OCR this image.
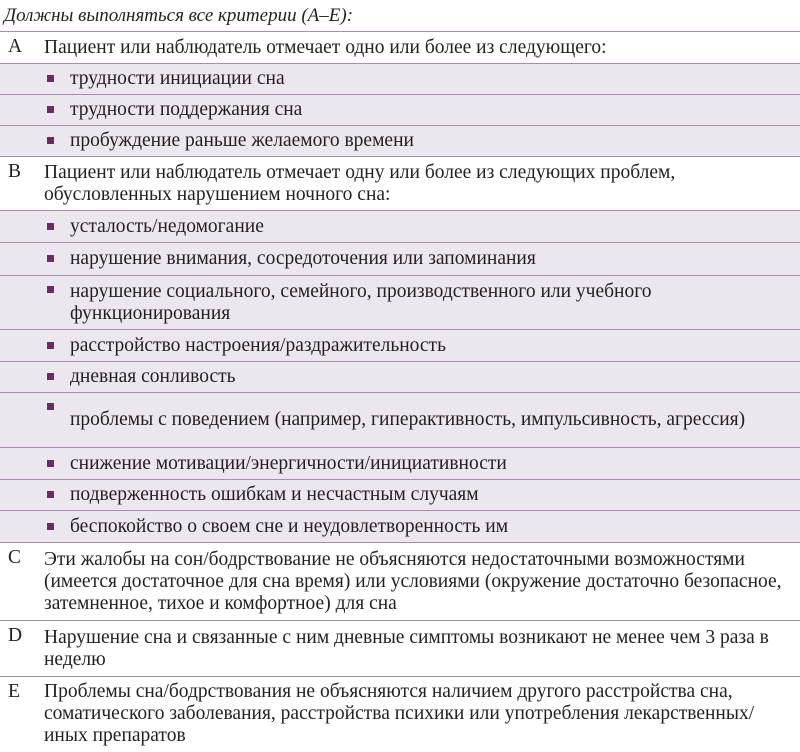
Должны выполняться все критерии (A–E):
A Пациент или наблюдатель отмечает одно или более из следующего:
трудности инициации сна
трудности поддержания сна
пробуждение раньше желаемого времени
B Пациент или наблюдатель отмечает одну или более из следующих проблем, обусловленных нарушением ночного сна:
усталость/недомогание
нарушение внимания, сосредоточения или запоминания
нарушение социального, семейного, производственного или учебного функционирования
расстройство настроения/раздражительность
дневная сонливость
проблемы с поведением (например, гиперактивность, импульсивность, агрессия)
снижение мотивации/энергичности/инициативности
подверженность ошибкам и несчастным случаям
беспокойство о своем сне и неудовлетворенность им
C Эти жалобы на сон/бодрствование не объясняются недостаточными возможностями (имеется достаточное для сна время) или условиями (окружение достаточно безопасное, затемненное, тихое и комфортное) для сна
D Нарушение сна и связанные с ним дневные симптомы возникают не менее чем 3 раза в неделю
E Проблемы сна/бодрствования не объясняются наличием другого расстройства сна, соматического заболевания, расстройства психики или употребления лекарственных/иных препаратов
